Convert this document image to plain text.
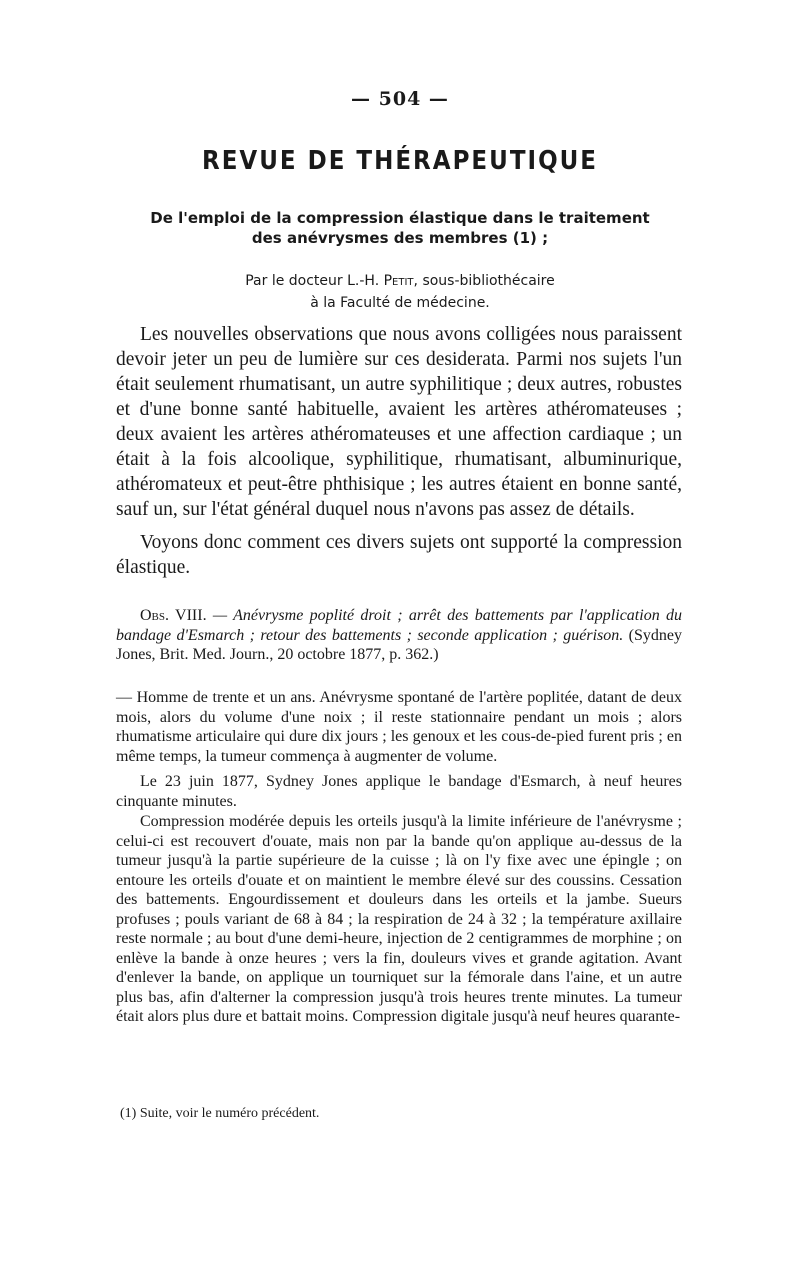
— 504 —
REVUE DE THÉRAPEUTIQUE
De l'emploi de la compression élastique dans le traitement
des anévrysmes des membres (1) ;
Par le docteur L.-H. Petit, sous-bibliothécaire
à la Faculté de médecine.

Les nouvelles observations que nous avons colligées nous paraissent devoir jeter un peu de lumière sur ces desiderata. Parmi nos sujets l'un était seulement rhumatisant, un autre syphilitique ; deux autres, robustes et d'une bonne santé habituelle, avaient les artères athéromateuses ; deux avaient les artères athéromateuses et une affection cardiaque ; un était à la fois alcoolique, syphilitique, rhumatisant, albuminurique, athéromateux et peut-être phthisique ; les autres étaient en bonne santé, sauf un, sur l'état général duquel nous n'avons pas assez de détails.

Voyons donc comment ces divers sujets ont supporté la compression élastique.

Obs. VIII. — Anévrysme poplité droit ; arrêt des battements par l'application du bandage d'Esmarch ; retour des battements ; seconde application ; guérison. (Sydney Jones, Brit. Med. Journ., 20 octobre 1877, p. 362.)

— Homme de trente et un ans. Anévrysme spontané de l'artère poplitée, datant de deux mois, alors du volume d'une noix ; il reste stationnaire pendant un mois ; alors rhumatisme articulaire qui dure dix jours ; les genoux et les cous-de-pied furent pris ; en même temps, la tumeur commença à augmenter de volume.

Le 23 juin 1877, Sydney Jones applique le bandage d'Esmarch, à neuf heures cinquante minutes.

Compression modérée depuis les orteils jusqu'à la limite inférieure de l'anévrysme ; celui-ci est recouvert d'ouate, mais non par la bande qu'on applique au-dessus de la tumeur jusqu'à la partie supérieure de la cuisse ; là on l'y fixe avec une épingle ; on entoure les orteils d'ouate et on maintient le membre élevé sur des coussins. Cessation des battements. Engourdissement et douleurs dans les orteils et la jambe. Sueurs profuses ; pouls variant de 68 à 84 ; la respiration de 24 à 32 ; la température axillaire reste normale ; au bout d'une demi-heure, injection de 2 centigrammes de morphine ; on enlève la bande à onze heures ; vers la fin, douleurs vives et grande agitation. Avant d'enlever la bande, on applique un tourniquet sur la fémorale dans l'aine, et un autre plus bas, afin d'alterner la compression jusqu'à trois heures trente minutes. La tumeur était alors plus dure et battait moins. Compression digitale jusqu'à neuf heures quarante-

(1) Suite, voir le numéro précédent.
